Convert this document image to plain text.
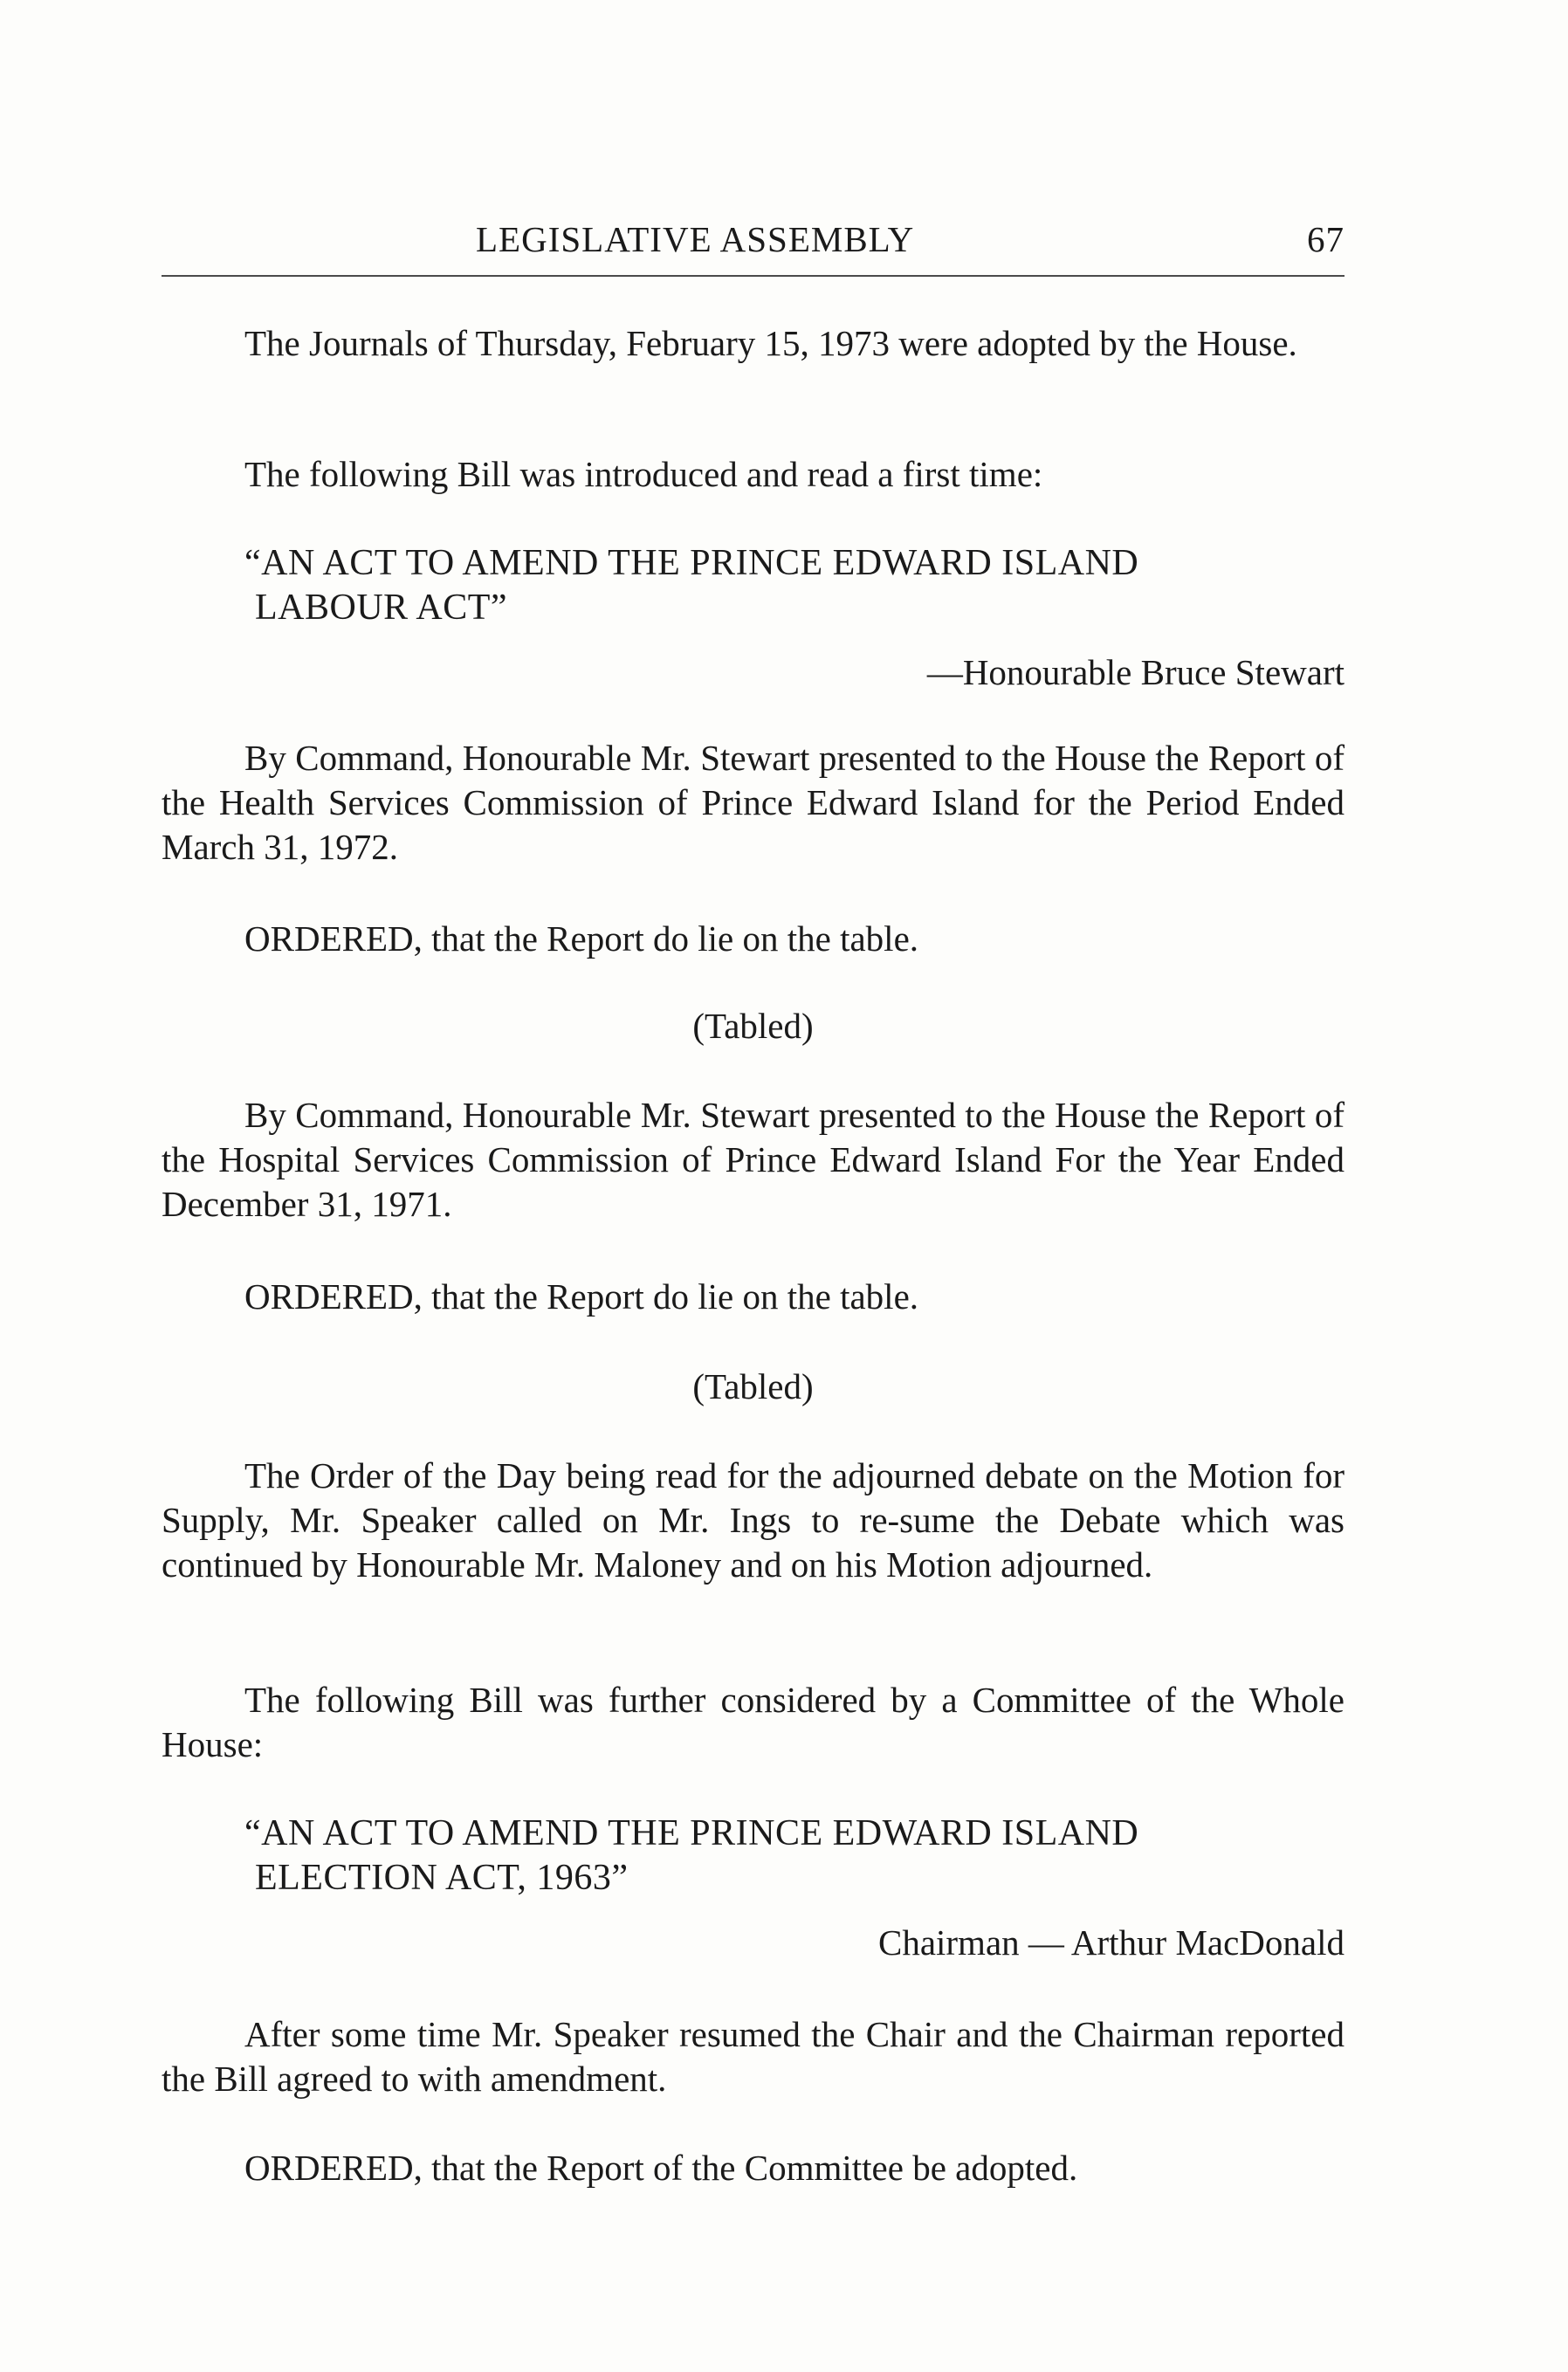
LEGISLATIVE ASSEMBLY	67
The Journals of Thursday, February 15, 1973 were adopted by the House.
The following Bill was introduced and read a first time:
“AN ACT TO AMEND THE PRINCE EDWARD ISLAND
LABOUR ACT”
—Honourable Bruce Stewart
By Command, Honourable Mr. Stewart presented to the House the Report of the Health Services Commission of Prince Edward Island for the Period Ended March 31, 1972.
ORDERED, that the Report do lie on the table.
(Tabled)
By Command, Honourable Mr. Stewart presented to the House the Report of the Hospital Services Commission of Prince Edward Island For the Year Ended December 31, 1971.
ORDERED, that the Report do lie on the table.
(Tabled)
The Order of the Day being read for the adjourned debate on the Motion for Supply, Mr. Speaker called on Mr. Ings to re-sume the Debate which was continued by Honourable Mr. Maloney and on his Motion adjourned.
The following Bill was further considered by a Committee of the Whole House:
“AN ACT TO AMEND THE PRINCE EDWARD ISLAND
ELECTION ACT, 1963”
Chairman — Arthur MacDonald
After some time Mr. Speaker resumed the Chair and the Chairman reported the Bill agreed to with amendment.
ORDERED, that the Report of the Committee be adopted.
